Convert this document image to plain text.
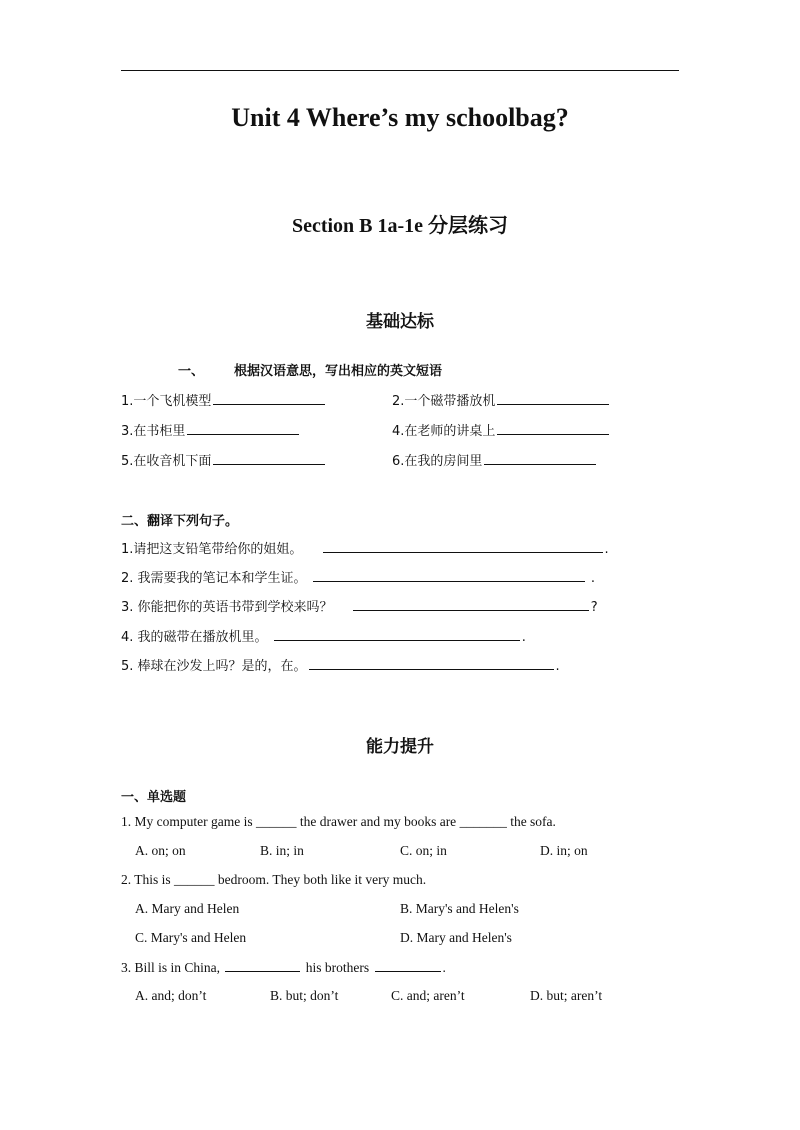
Unit 4 Where’s my schoolbag?
Section B 1a-1e 分层练习
基础达标
一、 根据汉语意思，写出相应的英文短语
1.一个飞机模型	2.一个磁带播放机
3.在书柜里	4.在老师的讲桌上
5.在收音机下面	6.在我的房间里
二、翻译下列句子。
1.请把这支铅笔带给你的姐姐。	.
2. 我需要我的笔记本和学生证。	.
3. 你能把你的英语书带到学校来吗？	?
4. 我的磁带在播放机里。	.
5. 棒球在沙发上吗？是的，在。	.
能力提升
一、单选题
1. My computer game is ______ the drawer and my books are _______ the sofa.
A. on; on	B. in; in	C. on; in	D. in; on
2. This is ______ bedroom. They both like it very much.
A. Mary and Helen	B. Mary's and Helen's
C. Mary's and Helen	D. Mary and Helen's
3. Bill is in China,	his brothers	.
A. and; don’t	B. but; don’t	C. and; aren’t	D. but; aren’t
